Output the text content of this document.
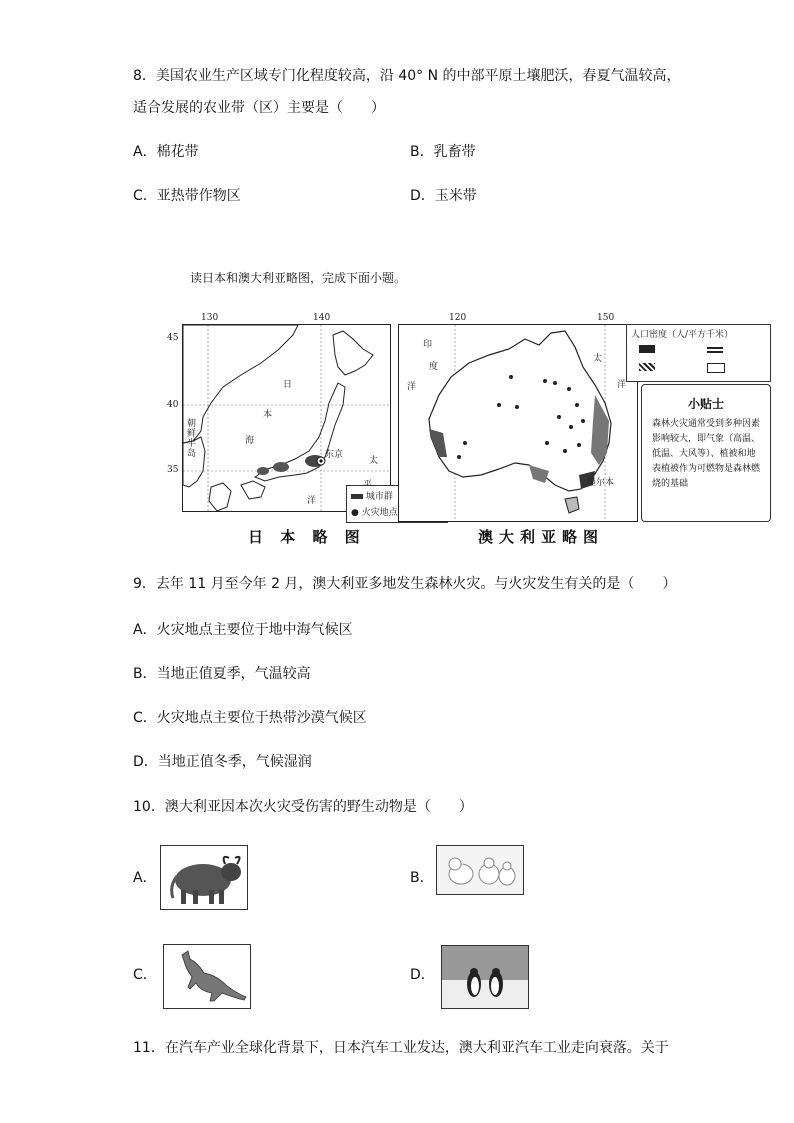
8．美国农业生产区域专门化程度较高，沿 40° N 的中部平原土壤肥沃，春夏气温较高，
适合发展的农业带（区）主要是（　　）
A．棉花带	B．乳畜带
C．亚热带作物区	D．玉米带
读日本和澳大利亚略图，完成下面小题。
130	140
45
40
35
日
本
海
朝鲜半岛	东京
太
洋	城市群
● 火灾地点
日 本 略 图
120	150
印
度
洋
太
洋
墨尔本
人口密度（人/平方千米）
小贴士
森林火灾通常受到多种因素影响较大，即气象（高温、低温、大风等）、植被和地表植被作为可燃物是森林燃烧的基础
澳大利亚略图
9．去年 11 月至今年 2 月，澳大利亚多地发生森林火灾。与火灾发生有关的是（　　）
A．火灾地点主要位于地中海气候区
B．当地正值夏季，气温较高
C．火灾地点主要位于热带沙漠气候区
D．当地正值冬季，气候湿润
10．澳大利亚因本次火灾受伤害的野生动物是（　　）
A．	B．
C．	D．
11．在汽车产业全球化背景下，日本汽车工业发达，澳大利亚汽车工业走向衰落。关于
